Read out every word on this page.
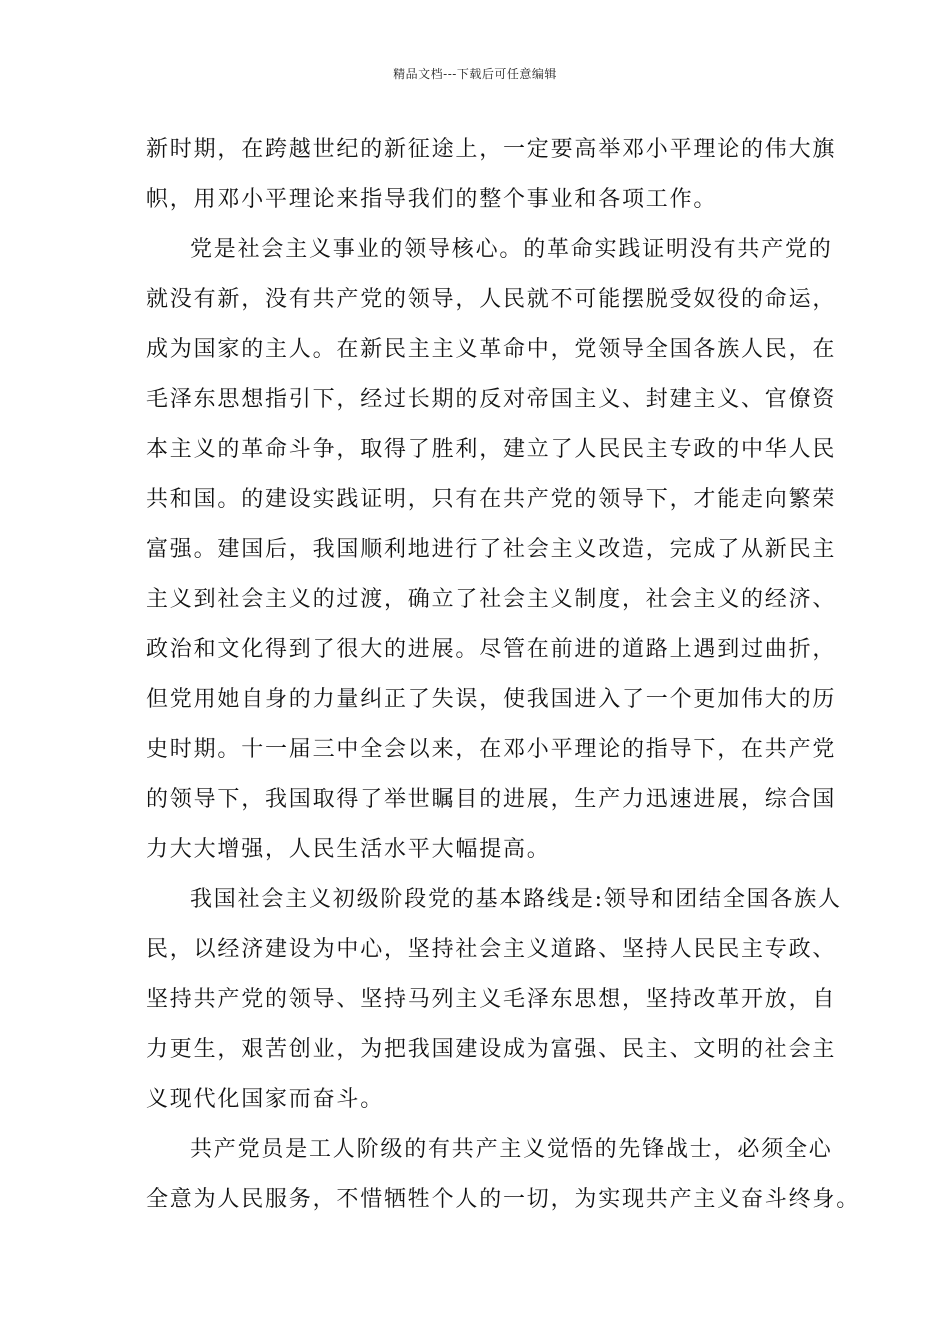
精品文档---下载后可任意编辑
新时期，在跨越世纪的新征途上，一定要高举邓小平理论的伟大旗
帜，用邓小平理论来指导我们的整个事业和各项工作。
党是社会主义事业的领导核心。的革命实践证明没有共产党的
就没有新，没有共产党的领导，人民就不可能摆脱受奴役的命运，
成为国家的主人。在新民主主义革命中，党领导全国各族人民，在
毛泽东思想指引下，经过长期的反对帝国主义、封建主义、官僚资
本主义的革命斗争，取得了胜利，建立了人民民主专政的中华人民
共和国。的建设实践证明，只有在共产党的领导下，才能走向繁荣
富强。建国后，我国顺利地进行了社会主义改造，完成了从新民主
主义到社会主义的过渡，确立了社会主义制度，社会主义的经济、
政治和文化得到了很大的进展。尽管在前进的道路上遇到过曲折，
但党用她自身的力量纠正了失误，使我国进入了一个更加伟大的历
史时期。十一届三中全会以来，在邓小平理论的指导下，在共产党
的领导下，我国取得了举世瞩目的进展，生产力迅速进展，综合国
力大大增强，人民生活水平大幅提高。
我国社会主义初级阶段党的基本路线是:领导和团结全国各族人
民，以经济建设为中心，坚持社会主义道路、坚持人民民主专政、
坚持共产党的领导、坚持马列主义毛泽东思想，坚持改革开放，自
力更生，艰苦创业，为把我国建设成为富强、民主、文明的社会主
义现代化国家而奋斗。
共产党员是工人阶级的有共产主义觉悟的先锋战士，必须全心
全意为人民服务，不惜牺牲个人的一切，为实现共产主义奋斗终身。
